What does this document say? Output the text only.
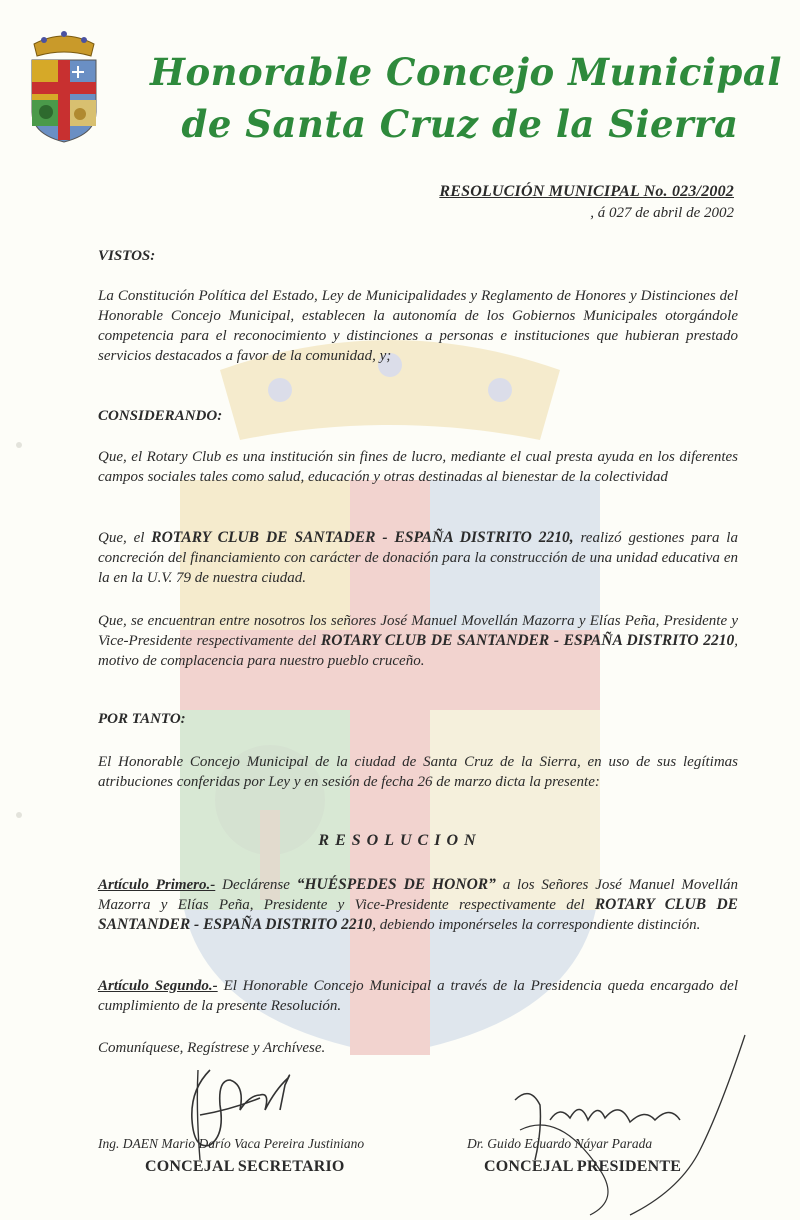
Honorable Concejo Municipal
de Santa Cruz de la Sierra
RESOLUCIÓN MUNICIPAL No. 023/2002
, á 027 de abril de 2002
VISTOS:
La Constitución Política del Estado, Ley de Municipalidades y Reglamento de Honores y Distinciones del Honorable Concejo Municipal, establecen la autonomía de los Gobiernos Municipales otorgándole competencia para el reconocimiento y distinciones a personas e instituciones que hubieran prestado servicios destacados a favor de la comunidad, y;
CONSIDERANDO:
Que, el Rotary Club es una institución sin fines de lucro, mediante el cual presta ayuda en los diferentes campos sociales tales como salud, educación y otras destinadas al bienestar de la colectividad
Que, el ROTARY CLUB DE SANTADER - ESPAÑA DISTRITO 2210, realizó gestiones para la concreción del financiamiento con carácter de donación para la construcción de una unidad educativa en la en la U.V. 79 de nuestra ciudad.
Que, se encuentran entre nosotros los señores José Manuel Movellán Mazorra y Elías Peña, Presidente y Vice-Presidente respectivamente del ROTARY CLUB DE SANTANDER - ESPAÑA DISTRITO 2210, motivo de complacencia para nuestro pueblo cruceño.
POR TANTO:
El Honorable Concejo Municipal de la ciudad de Santa Cruz de la Sierra, en uso de sus legítimas atribuciones conferidas por Ley y en sesión de fecha 26 de marzo dicta la presente:
RESOLUCION
Artículo Primero.- Declárense “HUÉSPEDES DE HONOR” a los Señores José Manuel Movellán Mazorra y Elías Peña, Presidente y Vice-Presidente respectivamente del ROTARY CLUB DE SANTANDER - ESPAÑA DISTRITO 2210, debiendo imponérseles la correspondiente distinción.
Artículo Segundo.- El Honorable Concejo Municipal a través de la Presidencia queda encargado del cumplimiento de la presente Resolución.
Comuníquese, Regístrese y Archívese.
Ing. DAEN Mario Darío Vaca Pereira Justiniano
CONCEJAL SECRETARIO
Dr. Guido Eduardo Náyar Parada
CONCEJAL PRESIDENTE
